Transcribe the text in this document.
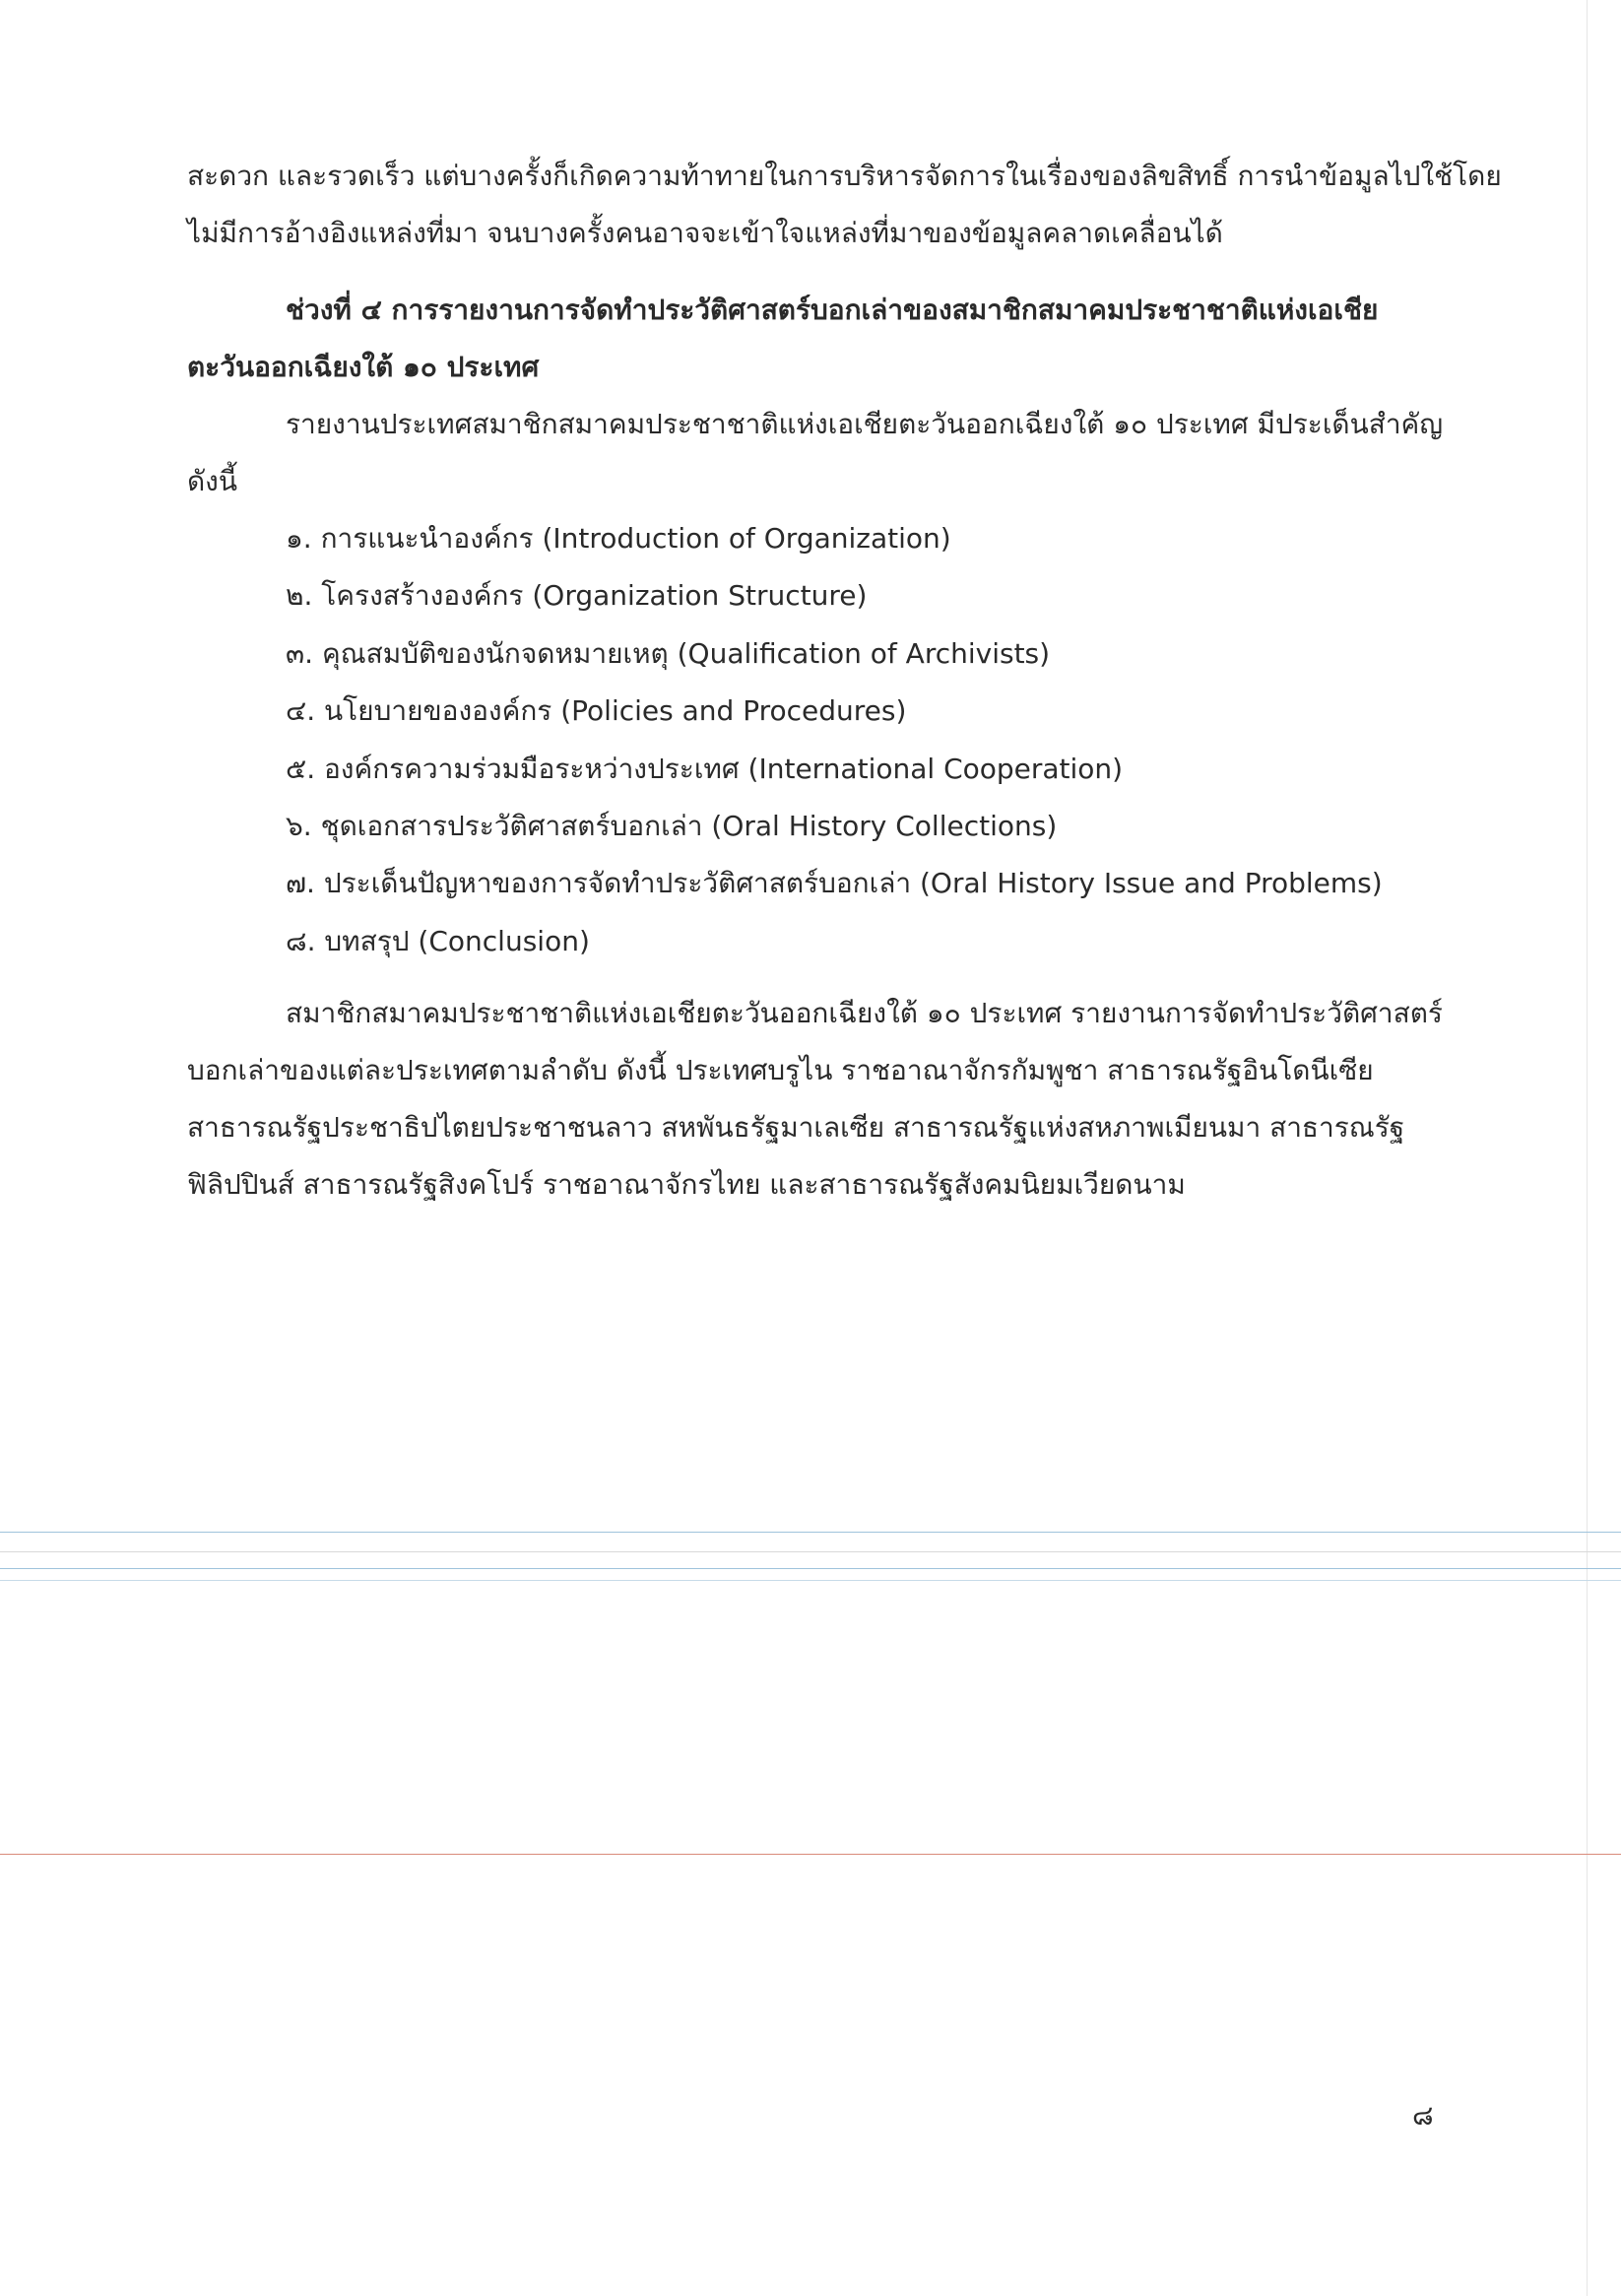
สะดวก และรวดเร็ว แต่บางครั้งก็เกิดความท้าทายในการบริหารจัดการในเรื่องของลิขสิทธิ์ การนำข้อมูลไปใช้โดย
ไม่มีการอ้างอิงแหล่งที่มา จนบางครั้งคนอาจจะเข้าใจแหล่งที่มาของข้อมูลคลาดเคลื่อนได้
ช่วงที่ ๔ การรายงานการจัดทำประวัติศาสตร์บอกเล่าของสมาชิกสมาคมประชาชาติแห่งเอเชีย
ตะวันออกเฉียงใต้ ๑๐ ประเทศ
รายงานประเทศสมาชิกสมาคมประชาชาติแห่งเอเชียตะวันออกเฉียงใต้ ๑๐ ประเทศ มีประเด็นสำคัญ
ดังนี้
๑. การแนะนำองค์กร (Introduction of Organization)
๒. โครงสร้างองค์กร (Organization Structure)
๓. คุณสมบัติของนักจดหมายเหตุ (Qualification of Archivists)
๔. นโยบายขององค์กร (Policies and Procedures)
๕. องค์กรความร่วมมือระหว่างประเทศ (International Cooperation)
๖. ชุดเอกสารประวัติศาสตร์บอกเล่า (Oral History Collections)
๗. ประเด็นปัญหาของการจัดทำประวัติศาสตร์บอกเล่า (Oral History Issue and Problems)
๘. บทสรุป (Conclusion)
สมาชิกสมาคมประชาชาติแห่งเอเชียตะวันออกเฉียงใต้ ๑๐ ประเทศ รายงานการจัดทำประวัติศาสตร์
บอกเล่าของแต่ละประเทศตามลำดับ ดังนี้ ประเทศบรูไน ราชอาณาจักรกัมพูชา สาธารณรัฐอินโดนีเซีย
สาธารณรัฐประชาธิปไตยประชาชนลาว สหพันธรัฐมาเลเซีย สาธารณรัฐแห่งสหภาพเมียนมา สาธารณรัฐ
ฟิลิปปินส์ สาธารณรัฐสิงคโปร์ ราชอาณาจักรไทย และสาธารณรัฐสังคมนิยมเวียดนาม
๘
